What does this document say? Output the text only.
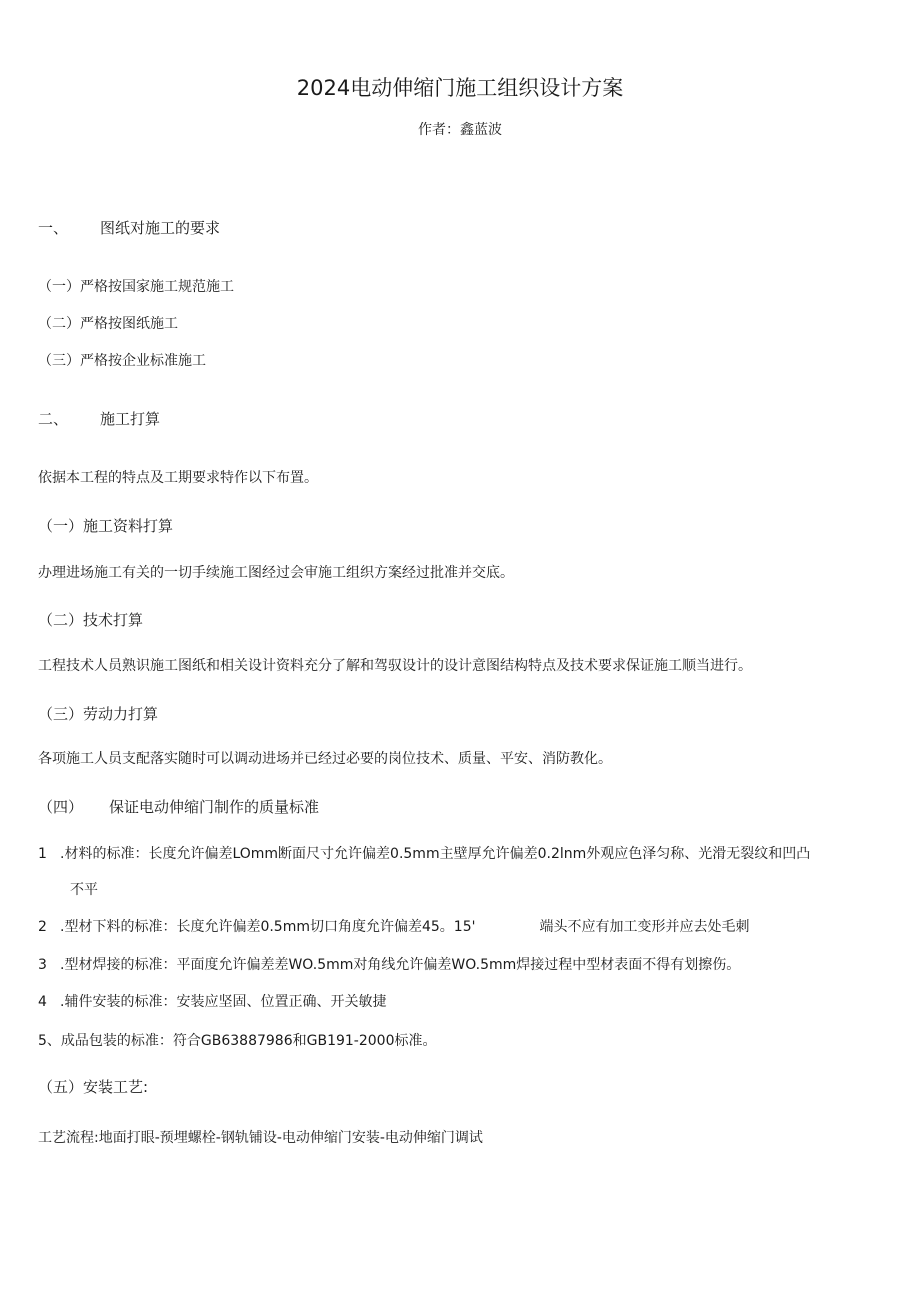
2024电动伸缩门施工组织设计方案
作者：鑫蓝波
一、 图纸对施工的要求
（一）严格按国家施工规范施工
（二）严格按图纸施工
（三）严格按企业标准施工
二、 施工打算
依据本工程的特点及工期要求特作以下布置。
（一）施工资料打算
办理进场施工有关的一切手续施工图经过会审施工组织方案经过批准并交底。
（二）技术打算
工程技术人员熟识施工图纸和相关设计资料充分了解和驾驭设计的设计意图结构特点及技术要求保证施工顺当进行。
（三）劳动力打算
各项施工人员支配落实随时可以调动进场并已经过必要的岗位技术、质量、平安、消防教化。
（四） 保证电动伸缩门制作的质量标准
1 .材料的标准：长度允许偏差LOmm断面尺寸允许偏差0.5mm主壁厚允许偏差0.2lnm外观应色泽匀称、光滑无裂纹和凹凸
不平
2 .型材下料的标准：长度允许偏差0.5mm切口角度允许偏差45。15'	端头不应有加工变形并应去处毛刺
3 .型材焊接的标准：平面度允许偏差差WO.5mm对角线允许偏差WO.5mm焊接过程中型材表面不得有划擦伤。
4 .辅件安装的标准：安装应坚固、位置正确、开关敏捷
5、成品包装的标准：符合GB63887986和GB191-2000标准。
（五）安装工艺:
工艺流程:地面打眼-预埋螺栓-钢轨铺设-电动伸缩门安装-电动伸缩门调试
